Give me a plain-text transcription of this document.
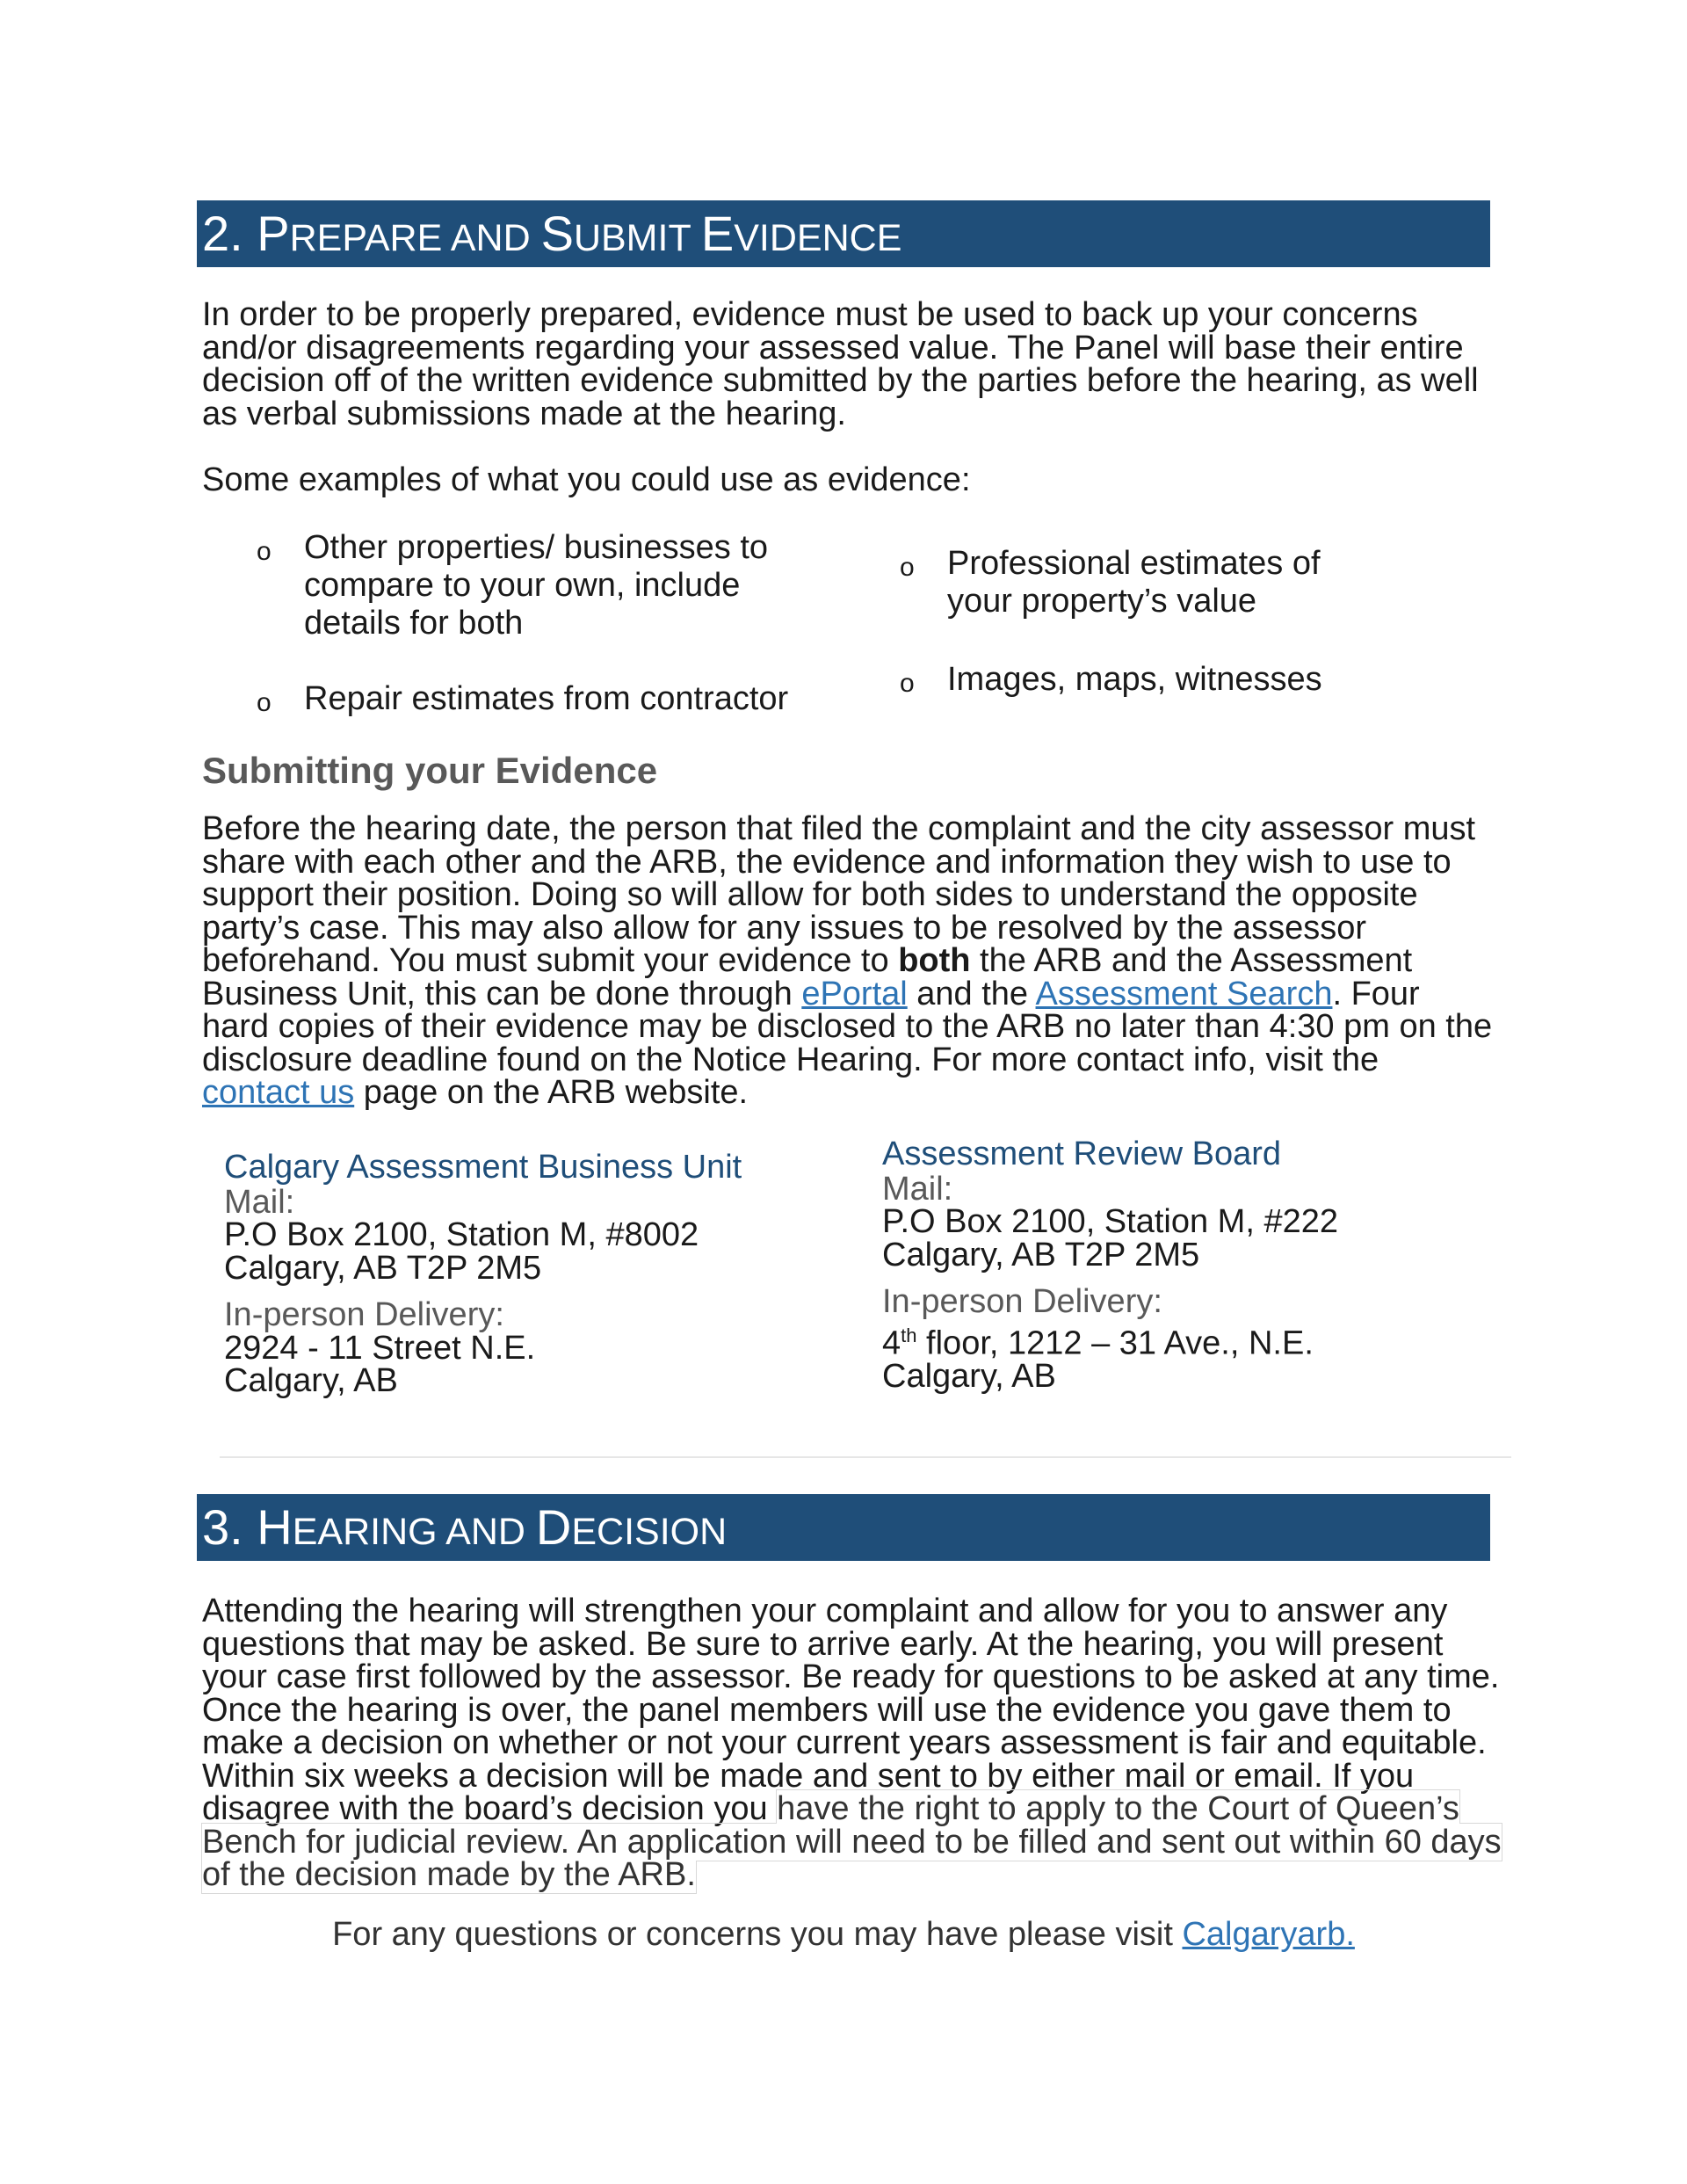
2. PREPARE AND SUBMIT EVIDENCE
In order to be properly prepared, evidence must be used to back up your concerns and/or disagreements regarding your assessed value. The Panel will base their entire decision off of the written evidence submitted by the parties before the hearing, as well as verbal submissions made at the hearing.
Some examples of what you could use as evidence:
o Other properties/ businesses to compare to your own, include details for both
o Repair estimates from contractor
o Professional estimates of your property’s value
o Images, maps, witnesses
Submitting your Evidence
Before the hearing date, the person that filed the complaint and the city assessor must share with each other and the ARB, the evidence and information they wish to use to support their position. Doing so will allow for both sides to understand the opposite party’s case. This may also allow for any issues to be resolved by the assessor beforehand. You must submit your evidence to both the ARB and the Assessment Business Unit, this can be done through ePortal and the Assessment Search. Four hard copies of their evidence may be disclosed to the ARB no later than 4:30 pm on the disclosure deadline found on the Notice Hearing. For more contact info, visit the contact us page on the ARB website.
Calgary Assessment Business Unit
Mail:
P.O Box 2100, Station M, #8002
Calgary, AB T2P 2M5
In-person Delivery:
2924 - 11 Street N.E.
Calgary, AB
Assessment Review Board
Mail:
P.O Box 2100, Station M, #222
Calgary, AB T2P 2M5
In-person Delivery:
4th floor, 1212 – 31 Ave., N.E.
Calgary, AB
3. HEARING AND DECISION
Attending the hearing will strengthen your complaint and allow for you to answer any questions that may be asked. Be sure to arrive early. At the hearing, you will present your case first followed by the assessor. Be ready for questions to be asked at any time. Once the hearing is over, the panel members will use the evidence you gave them to make a decision on whether or not your current years assessment is fair and equitable. Within six weeks a decision will be made and sent to by either mail or email. If you disagree with the board’s decision you have the right to apply to the Court of Queen’s Bench for judicial review. An application will need to be filled and sent out within 60 days of the decision made by the ARB.
For any questions or concerns you may have please visit Calgaryarb.
